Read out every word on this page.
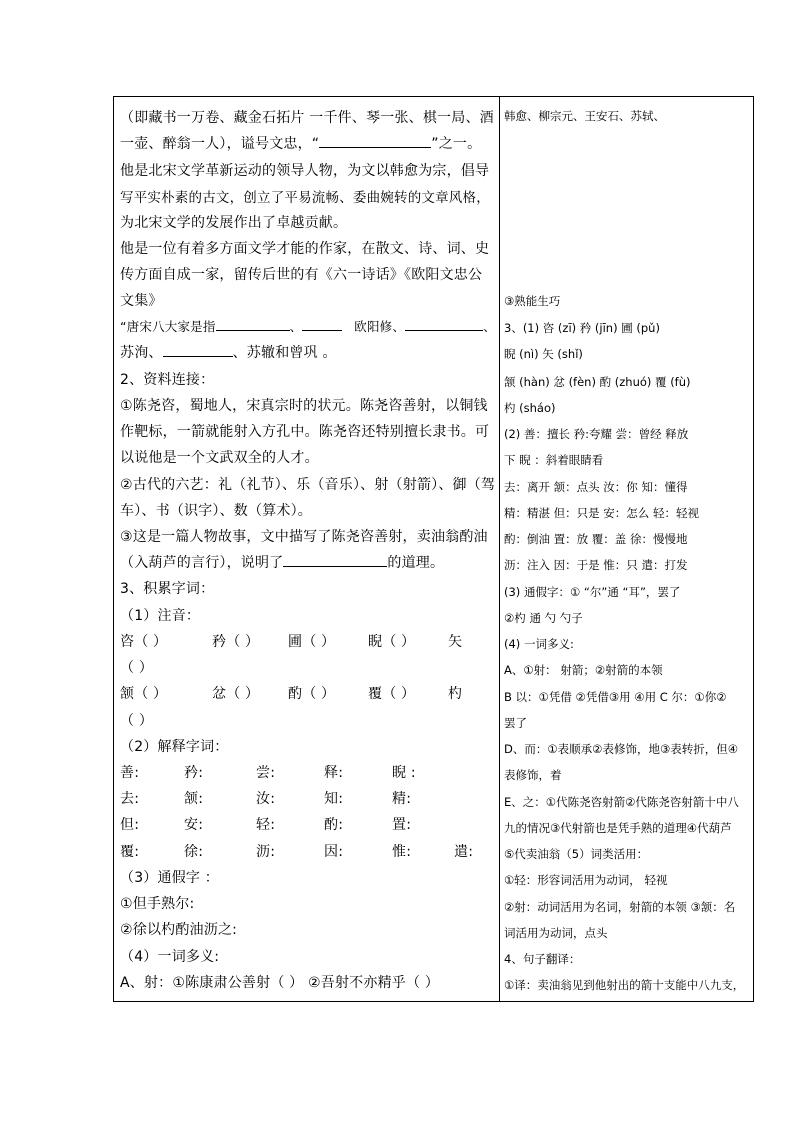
（即藏书一万卷、藏金石拓片 一千件、琴一张、棋一局、酒
一壶、醉翁一人），谥号文忠，“	”之一。
他是北宋文学革新运动的领导人物，为文以韩愈为宗，倡导
写平实朴素的古文，创立了平易流畅、委曲婉转的文章风格，
为北宋文学的发展作出了卓越贡献。
他是一位有着多方面文学才能的作家，在散文、诗、词、史
传方面自成一家，留传后世的有《六一诗话》《欧阳文忠公
文集》
“唐宋八大家是指	、	欧阳修、	、
苏洵、	、苏辙和曾巩 。
2、资料连接：
①陈尧咨，蜀地人，宋真宗时的状元。陈尧咨善射，以铜钱
作靶标，一箭就能射入方孔中。陈尧咨还特别擅长隶书。可
以说他是一个文武双全的人才。
②古代的六艺：礼（礼节）、乐（音乐）、射（射箭）、御（驾
车）、书（识字）、数（算术）。
③这是一篇人物故事，文中描写了陈尧咨善射，卖油翁酌油
（入葫芦的言行），说明了	的道理。
3、积累字词：
（1）注音：
咨（ ）	矜（ ） 圃（ ） 睨（ ） 矢
（ ）
颔（ ）	忿（ ） 酌（ ） 覆（ ） 杓
（ ）
（2）解释字词：
善:	矜:	尝:	释:	睨 :
去:	颔:	汝:	知:	精:
但:	安:	轻:	酌:	置:
覆:	徐:	沥:	因:	惟:	遣:
（3）通假字 ：
①但手熟尔:
②徐以杓酌油沥之:
（4）一词多义:
A、射：①陈康肃公善射（ ） ②吾射不亦精乎（ ）
韩愈、柳宗元、王安石、苏轼、
③熟能生巧
3、(1) 咨 (zī) 矜 (jīn) 圃 (pǔ)
睨 (nì) 矢 (shǐ)
颔 (hàn) 忿 (fèn) 酌 (zhuó) 覆 (fù)
杓 (sháo)
(2) 善：擅长 矜:夸耀 尝：曾经 释放
下 睨 ：斜着眼睛看
去：离开 颔：点头 汝：你 知：懂得
精：精湛 但：只是 安：怎么 轻：轻视
酌：倒油 置：放 覆：盖 徐：慢慢地
沥：注入 因：于是 惟：只 遣：打发
(3) 通假字：① “尔”通 “耳”，罢了
②杓 通 勺 勺子
(4) 一词多义:
A、①射： 射箭；②射箭的本领
B 以：①凭借 ②凭借③用 ④用 C 尔：①你②
罢了
D、而：①表顺承②表修饰，地③表转折，但④
表修饰，着
E、之：①代陈尧咨射箭②代陈尧咨射箭十中八
九的情况③代射箭也是凭手熟的道理④代葫芦
⑤代卖油翁（5）词类活用：
①轻：形容词活用为动词， 轻视
②射：动词活用为名词，射箭的本领 ③颔：名
词活用为动词，点头
4、句子翻译：
①译：卖油翁见到他射出的箭十支能中八九支，
